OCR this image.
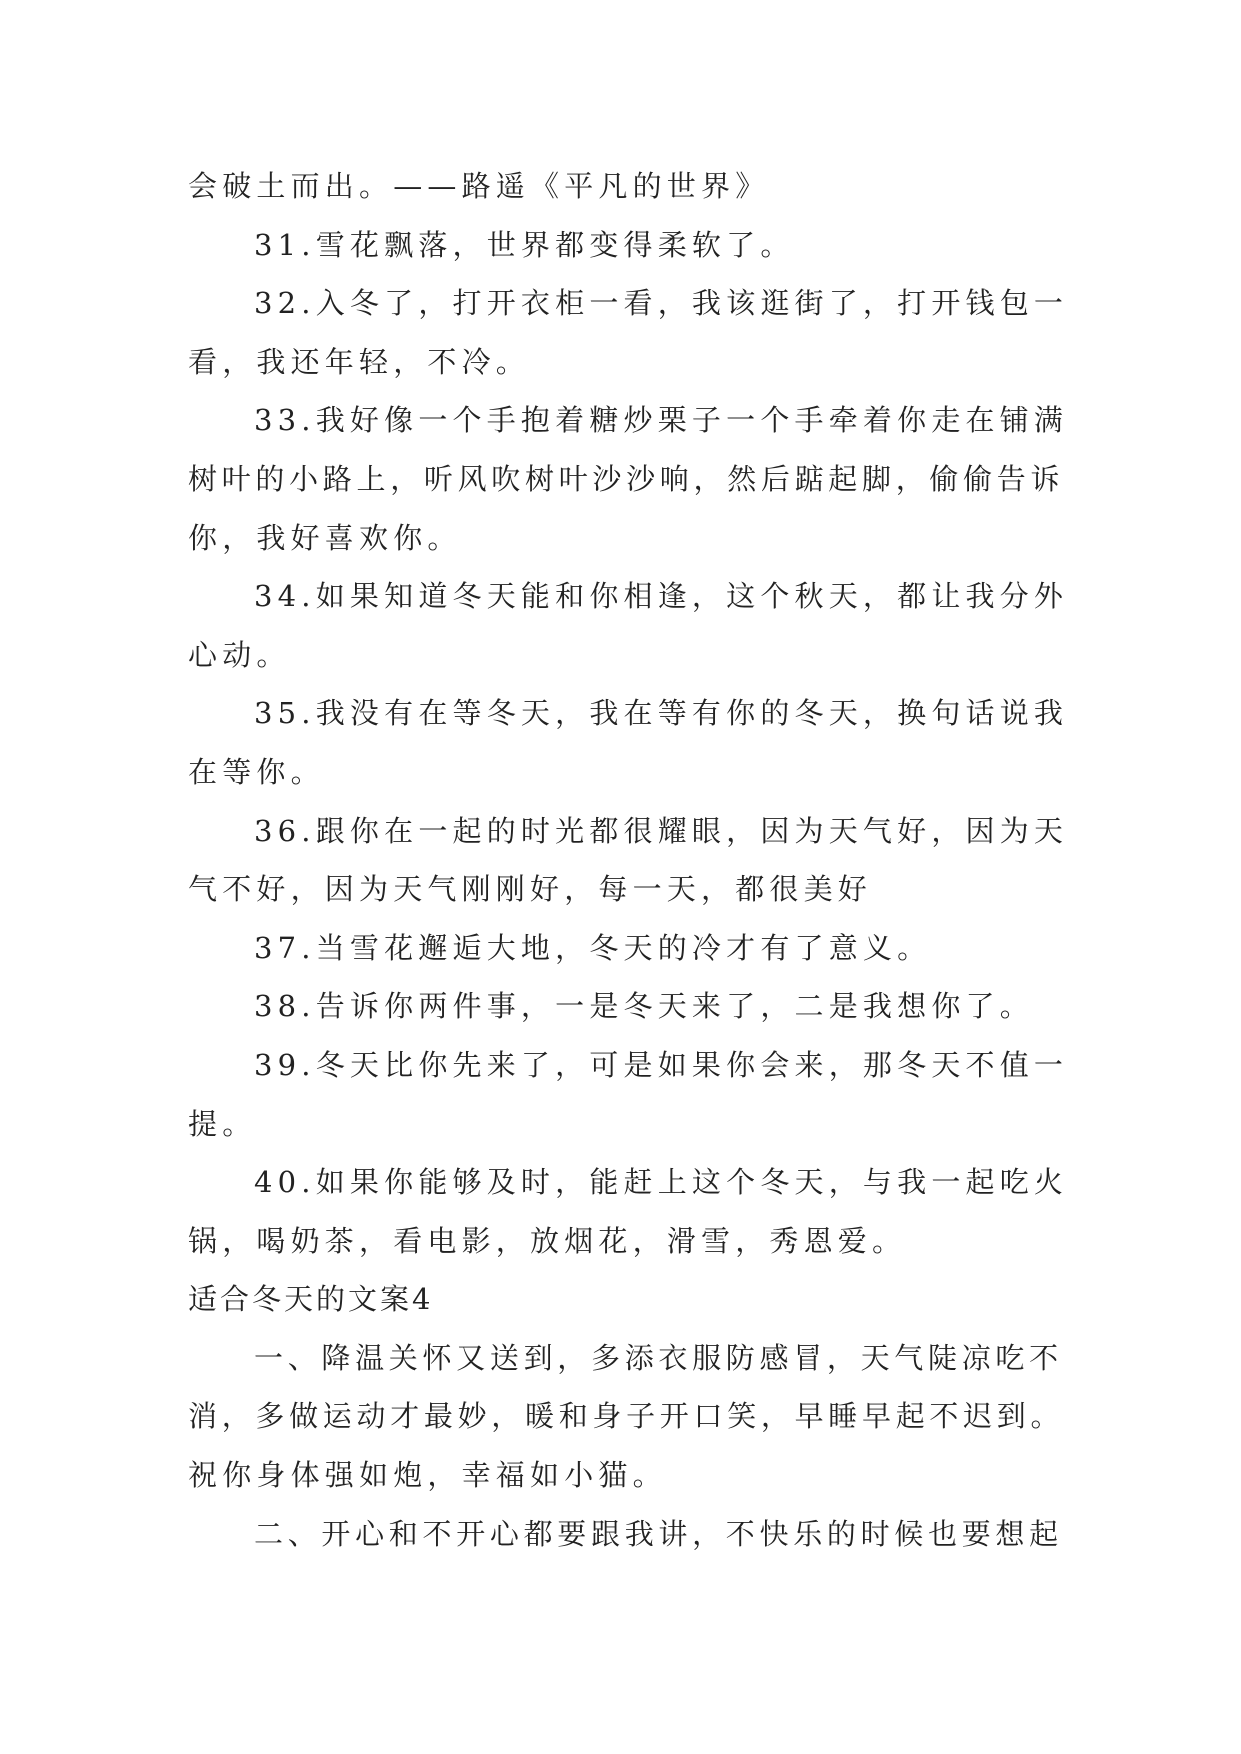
会破土而出。——路遥《平凡的世界》
31.雪花飘落，世界都变得柔软了。
32.入冬了，打开衣柜一看，我该逛街了，打开钱包一
看，我还年轻，不冷。
33.我好像一个手抱着糖炒栗子一个手牵着你走在铺满
树叶的小路上，听风吹树叶沙沙响，然后踮起脚，偷偷告诉
你，我好喜欢你。
34.如果知道冬天能和你相逢，这个秋天，都让我分外
心动。
35.我没有在等冬天，我在等有你的冬天，换句话说我
在等你。
36.跟你在一起的时光都很耀眼，因为天气好，因为天
气不好，因为天气刚刚好，每一天，都很美好
37.当雪花邂逅大地，冬天的冷才有了意义。
38.告诉你两件事，一是冬天来了，二是我想你了。
39.冬天比你先来了，可是如果你会来，那冬天不值一
提。
40.如果你能够及时，能赶上这个冬天，与我一起吃火
锅，喝奶茶，看电影，放烟花，滑雪，秀恩爱。
适合冬天的文案4
一、降温关怀又送到，多添衣服防感冒，天气陡凉吃不
消，多做运动才最妙，暖和身子开口笑，早睡早起不迟到。
祝你身体强如炮，幸福如小猫。
二、开心和不开心都要跟我讲，不快乐的时候也要想起
